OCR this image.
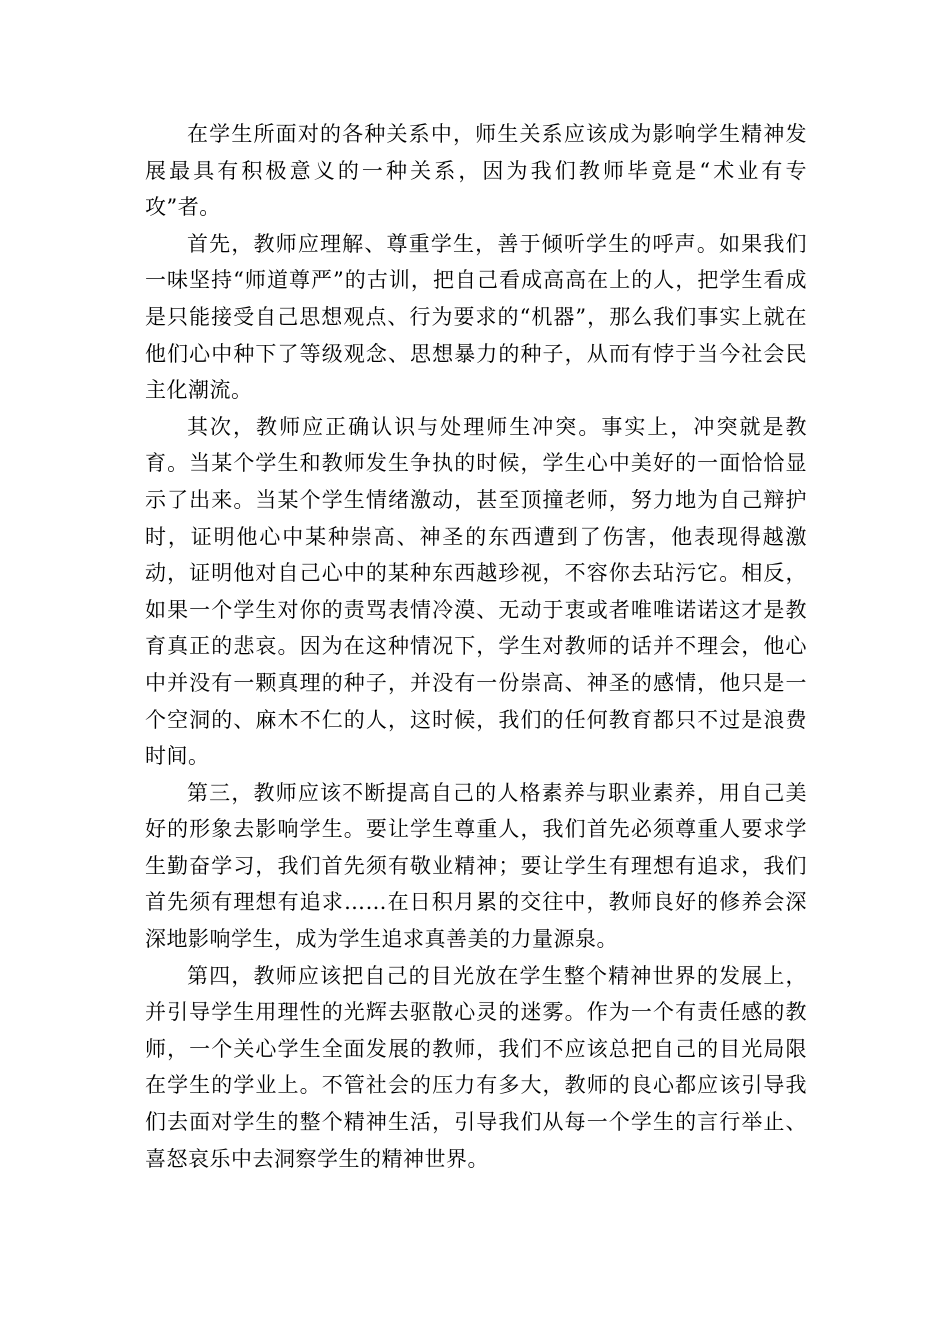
在学生所面对的各种关系中，师生关系应该成为影响学生精神发展最具有积极意义的一种关系，因为我们教师毕竟是“术业有专攻”者。

首先，教师应理解、尊重学生，善于倾听学生的呼声。如果我们一味坚持“师道尊严”的古训，把自己看成高高在上的人，把学生看成是只能接受自己思想观点、行为要求的“机器”，那么我们事实上就在他们心中种下了等级观念、思想暴力的种子，从而有悖于当今社会民主化潮流。

其次，教师应正确认识与处理师生冲突。事实上，冲突就是教育。当某个学生和教师发生争执的时候，学生心中美好的一面恰恰显示了出来。当某个学生情绪激动，甚至顶撞老师，努力地为自己辩护时，证明他心中某种崇高、神圣的东西遭到了伤害，他表现得越激动，证明他对自己心中的某种东西越珍视，不容你去玷污它。相反，如果一个学生对你的责骂表情冷漠、无动于衷或者唯唯诺诺这才是教育真正的悲哀。因为在这种情况下，学生对教师的话并不理会，他心中并没有一颗真理的种子，并没有一份崇高、神圣的感情，他只是一个空洞的、麻木不仁的人，这时候，我们的任何教育都只不过是浪费时间。

第三，教师应该不断提高自己的人格素养与职业素养，用自己美好的形象去影响学生。要让学生尊重人，我们首先必须尊重人要求学生勤奋学习，我们首先须有敬业精神；要让学生有理想有追求，我们首先须有理想有追求……在日积月累的交往中，教师良好的修养会深深地影响学生，成为学生追求真善美的力量源泉。

第四，教师应该把自己的目光放在学生整个精神世界的发展上，并引导学生用理性的光辉去驱散心灵的迷雾。作为一个有责任感的教师，一个关心学生全面发展的教师，我们不应该总把自己的目光局限在学生的学业上。不管社会的压力有多大，教师的良心都应该引导我们去面对学生的整个精神生活，引导我们从每一个学生的言行举止、喜怒哀乐中去洞察学生的精神世界。
